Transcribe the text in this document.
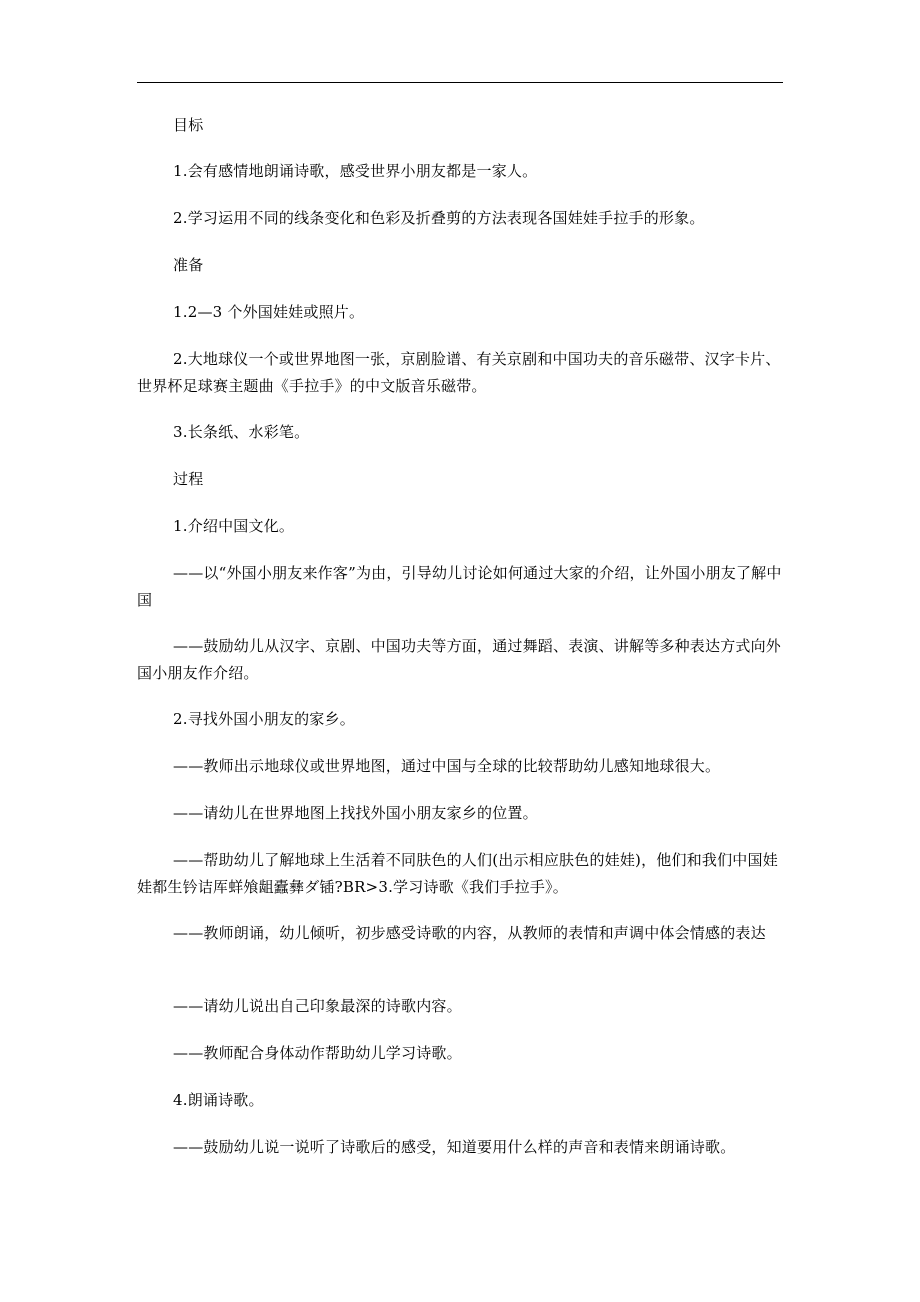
目标

1.会有感情地朗诵诗歌，感受世界小朋友都是一家人。

2.学习运用不同的线条变化和色彩及折叠剪的方法表现各国娃娃手拉手的形象。

准备

1.2—3 个外国娃娃或照片。

2.大地球仪一个或世界地图一张，京剧脸谱、有关京剧和中国功夫的音乐磁带、汉字卡片、世界杯足球赛主题曲《手拉手》的中文版音乐磁带。

3.长条纸、水彩笔。

过程

1.介绍中国文化。

——以“外国小朋友来作客”为由，引导幼儿讨论如何通过大家的介绍，让外国小朋友了解中国

——鼓励幼儿从汉字、京剧、中国功夫等方面，通过舞蹈、表演、讲解等多种表达方式向外国小朋友作介绍。

2.寻找外国小朋友的家乡。

——教师出示地球仪或世界地图，通过中国与全球的比较帮助幼儿感知地球很大。

——请幼儿在世界地图上找找外国小朋友家乡的位置。

——帮助幼儿了解地球上生活着不同肤色的人们(出示相应肤色的娃娃)，他们和我们中国娃娃都生钤诘厍蛘飧龃蠹彝ダ锸?BR>3.学习诗歌《我们手拉手》。

——教师朗诵，幼儿倾听，初步感受诗歌的内容，从教师的表情和声调中体会情感的表达

——请幼儿说出自己印象最深的诗歌内容。

——教师配合身体动作帮助幼儿学习诗歌。

4.朗诵诗歌。

——鼓励幼儿说一说听了诗歌后的感受，知道要用什么样的声音和表情来朗诵诗歌。
